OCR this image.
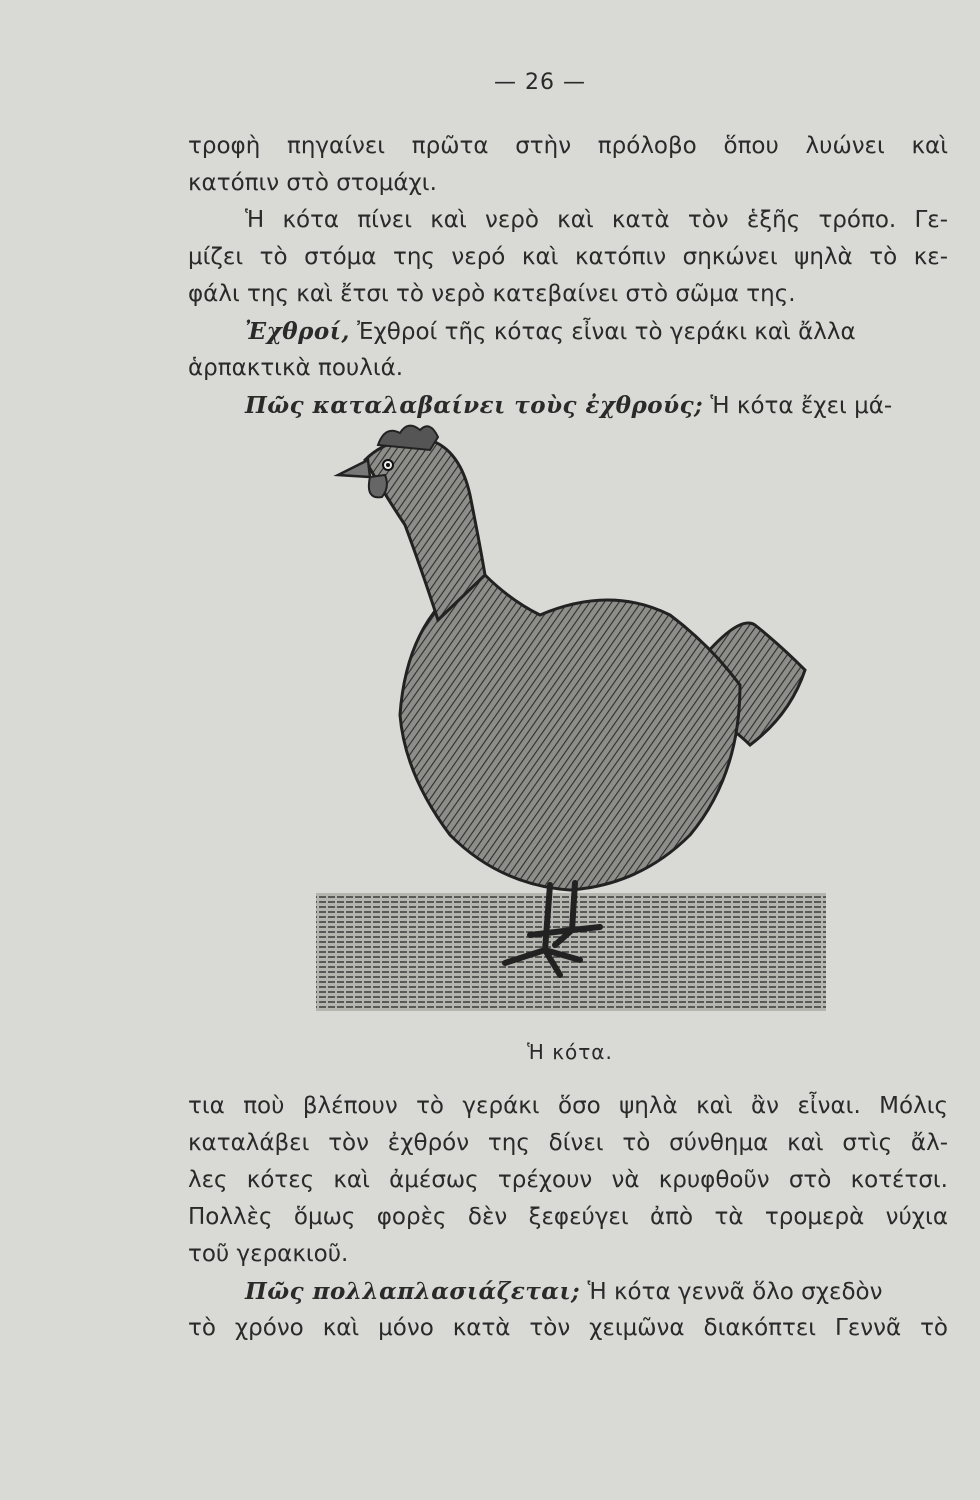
— 26 —
τροφὴ πηγαίνει πρῶτα στὴν πρόλοβο ὅπου λυώνει καὶ
κατόπιν στὸ στομάχι.
Ἡ κότα πίνει καὶ νερὸ καὶ κατὰ τὸν ἑξῆς τρόπο. Γε-
μίζει τὸ στόμα της νερό καὶ κατόπιν σηκώνει ψηλὰ τὸ κε-
φάλι της καὶ ἔτσι τὸ νερὸ κατεβαίνει στὸ σῶμα της.
Ἐχθροί, Ἐχθροί τῆς κότας εἶναι τὸ γεράκι καὶ ἄλλα
ἁρπακτικὰ πουλιά.
Πῶς καταλαβαίνει τοὺς ἐχθρούς; Ἡ κότα ἔχει μά-
Ἡ κότα.
τια ποὺ βλέπουν τὸ γεράκι ὅσο ψηλὰ καὶ ἂν εἶναι. Μόλις
καταλάβει τὸν ἐχθρόν της δίνει τὸ σύνθημα καὶ στὶς ἄλ-
λες κότες καὶ ἀμέσως τρέχουν νὰ κρυφθοῦν στὸ κοτέτσι.
Πολλὲς ὅμως φορὲς δὲν ξεφεύγει ἀπὸ τὰ τρομερὰ νύχια
τοῦ γερακιοῦ.
Πῶς πολλαπλασιάζεται; Ἡ κότα γεννᾶ ὅλο σχεδὸν
τὸ χρόνο καὶ μόνο κατὰ τὸν χειμῶνα διακόπτει Γεννᾶ τὸ
